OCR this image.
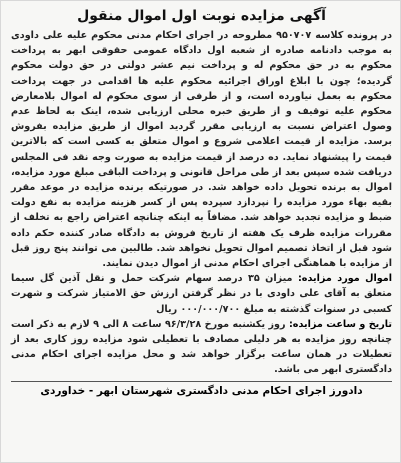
آگهی مزایده نوبت اول اموال منقول

در پرونده کلاسه ۹۵۰۷۰۷ مطروحه در اجرای احکام مدنی محکوم علیه علی داودی به موجب دادنامه صادره از شعبه اول دادگاه عمومی حقوقی ابهر به پرداخت محکوم به در حق محکوم له و پرداخت نیم عشر دولتی در حق دولت محکوم گردیده؛ چون با ابلاغ اوراق اجرائیه محکوم علیه ها اقدامی در جهت پرداخت محکوم به بعمل نیاورده است، و از طرفی از سوی محکوم له اموال بلامعارض محکوم علیه توقیف و از طریق خبره محلی ارزیابی شده، اینک به لحاظ عدم وصول اعتراض نسبت به ارزیابی مقرر گردید اموال از طریق مزایده بفروش برسد. مزایده از قیمت اعلامی شروع و اموال متعلق به کسی است که بالاترین قیمت را پیشنهاد نماید. ده درصد از قیمت مزایده به صورت وجه نقد فی المجلس دریافت شده سپس بعد از طی مراحل قانونی و پرداخت الباقی مبلغ مورد مزایده، اموال به برنده تحویل داده خواهد شد. در صورتیکه برنده مزایده در موعد مقرر بقیه بهاء مورد مزایده را نپردازد سپرده پس از کسر هزینه مزایده به نفع دولت ضبط و مزایده تجدید خواهد شد. مضافاً به اینکه چنانچه اعتراض راجع به تخلف از مقررات مزایده ظرف یک هفته از تاریخ فروش به دادگاه صادر کننده حکم داده شود قبل از اتخاذ تصمیم اموال تحویل نخواهد شد. طالبین می توانند پنج روز قبل از مزایده با هماهنگی اجرای احکام مدنی از اموال دیدن نمایند.

اموال مورد مزایده: میزان ۳۵ درصد سهام شرکت حمل و نقل آذین گل سیما متعلق به آقای علی داودی با در نظر گرفتن ارزش حق الامتیاز شرکت و شهرت کسبی در سنوات گذشته به مبلغ ۰۰۰/۰۰۰/۷۰۰ ریال

تاریخ و ساعت مزایده: روز یکشنبه مورخ ۹۶/۳/۲۸ ساعت ۸ الی ۹ لازم به ذکر است چنانچه روز مزایده به هر دلیلی مصادف با تعطیلی شود مزایده روز کاری بعد از تعطیلات در همان ساعت برگزار خواهد شد و محل مزایده اجرای احکام مدنی دادگستری ابهر می باشد.

دادورز اجرای احکام مدنی دادگستری شهرستان ابهر - خداوردی
